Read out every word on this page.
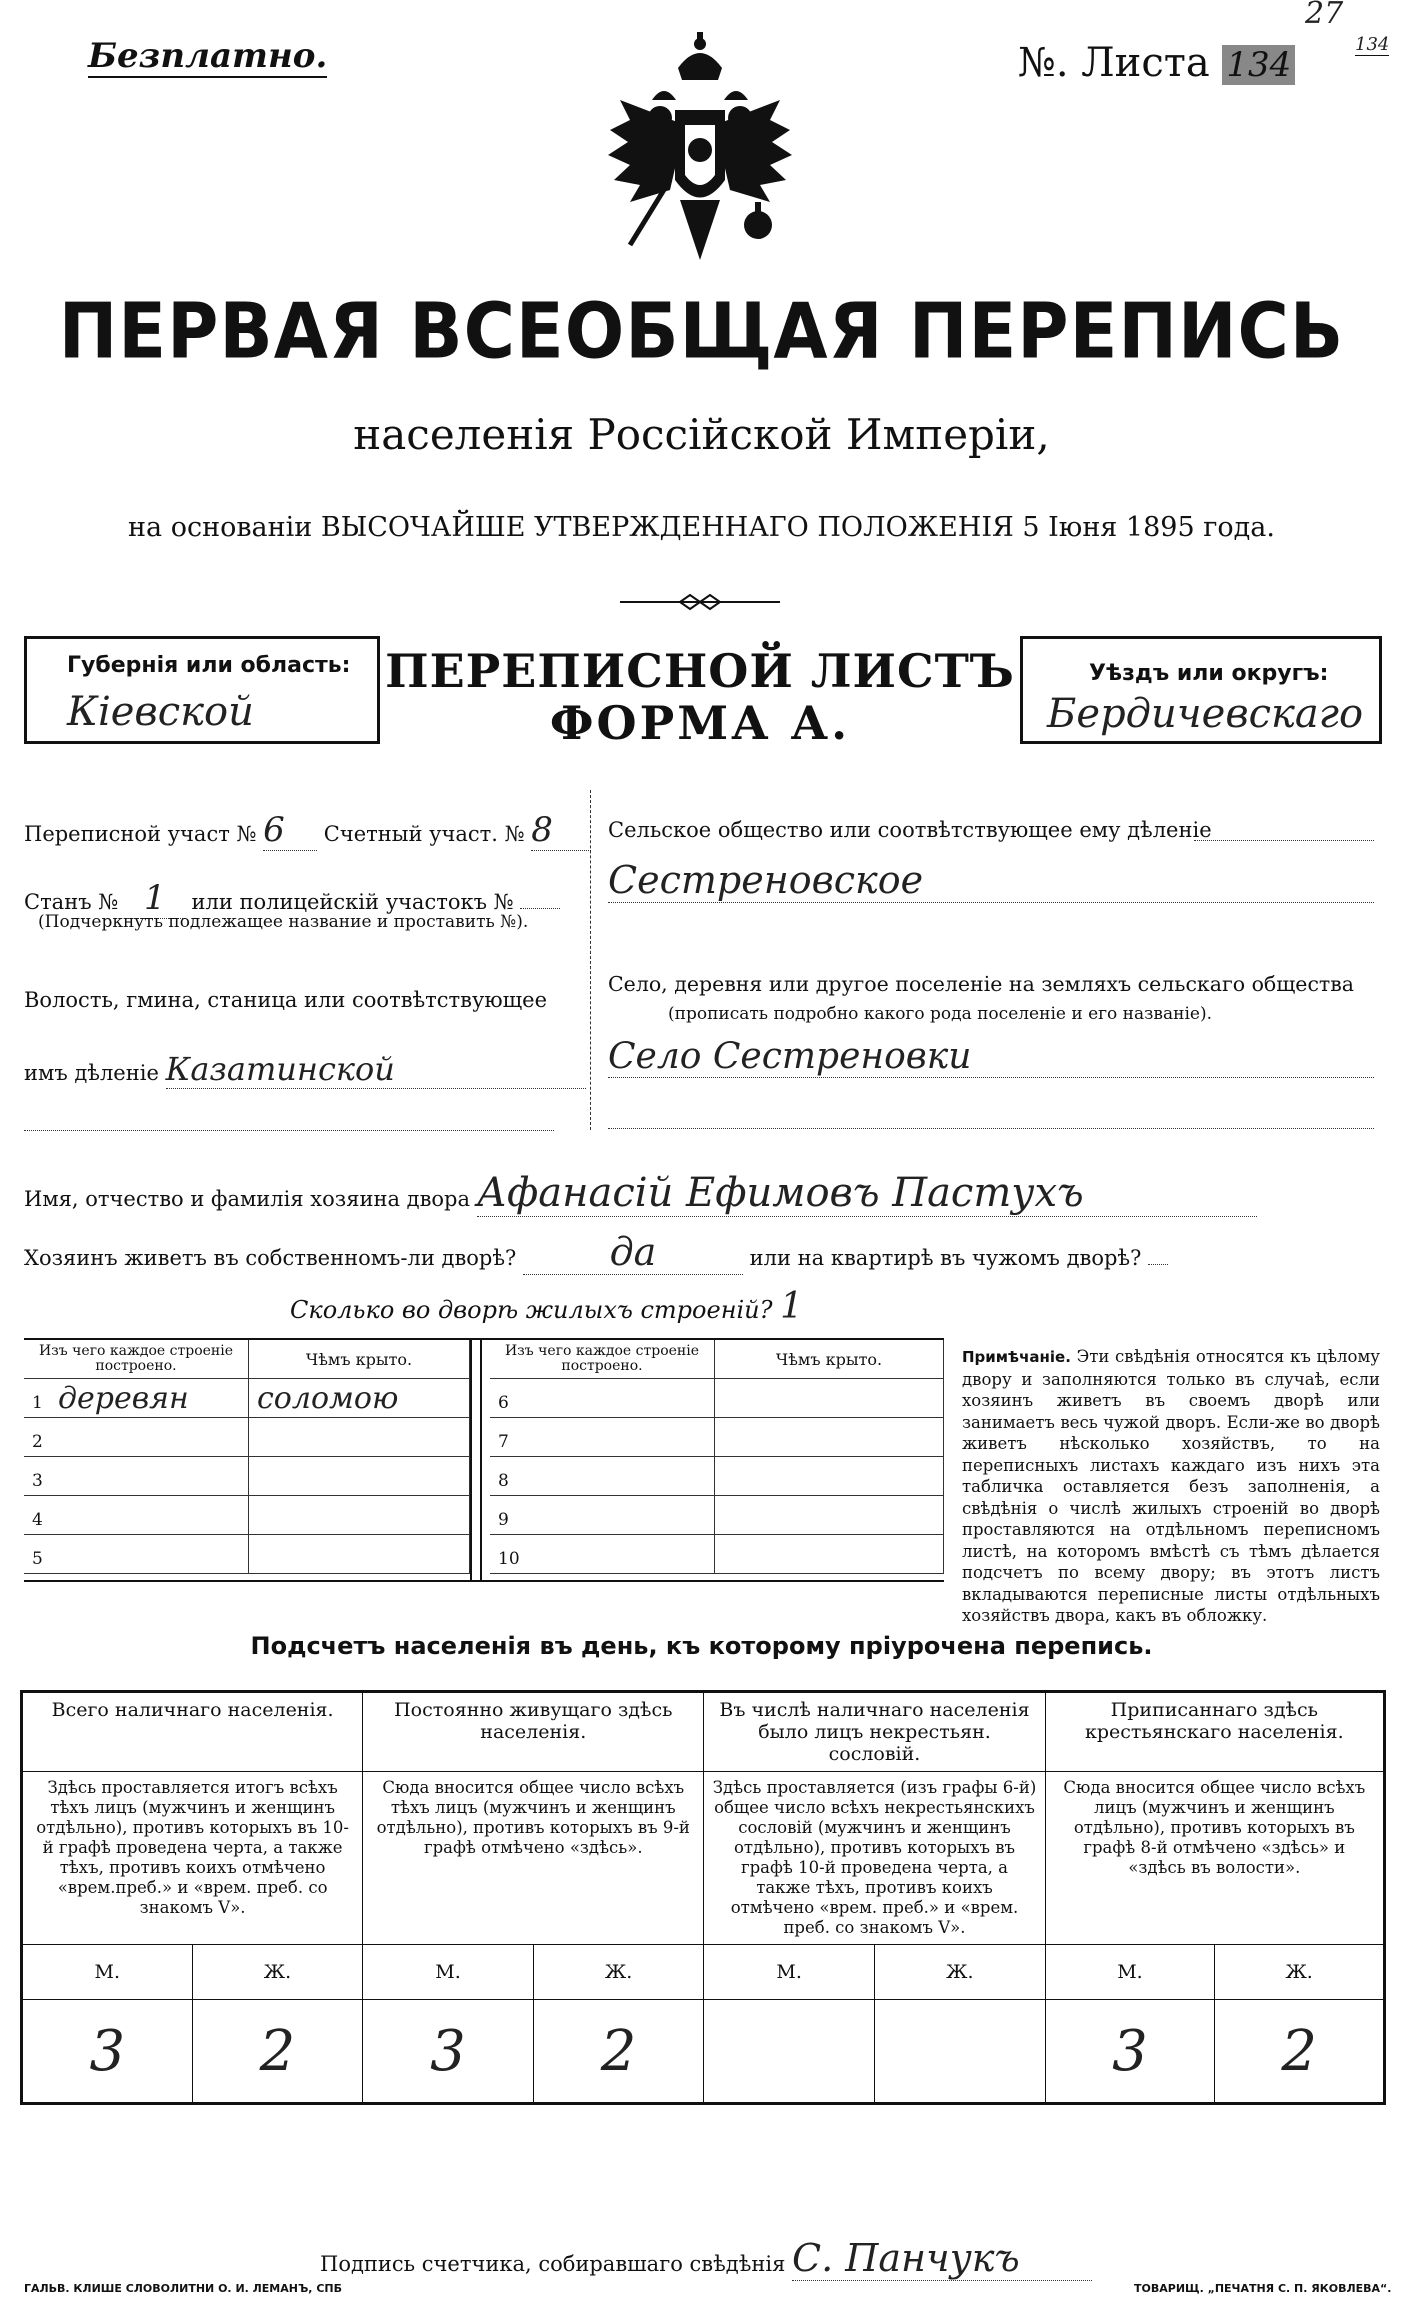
Безплатно.	№. Листа 134
27
134
ПЕРВАЯ ВСЕОБЩАЯ ПЕРЕПИСЬ
населенія Россійской Имперіи,
на основаніи ВЫСОЧАЙШЕ УТВЕРЖДЕННАГО ПОЛОЖЕНІЯ 5 Іюня 1895 года.
Губернія или область:
Кіевской
ПЕРЕПИСНОЙ ЛИСТЪ
ФОРМА А.
Уѣздъ или округъ:
Бердичевскаго
Переписной участ № 6 Счетный участ. № 8
Станъ № 1 или полицейскій участокъ №
(Подчеркнуть подлежащее название и проставить №).
Волость, гмина, станица или соотвѣтствующее
имъ дѣленіе Казатинской
Сельское общество или соотвѣтствующее ему дѣленіе
Сестреновское
Село, деревня или другое поселеніе на земляхъ сельскаго общества
(прописать подробно какого рода поселеніе и его названіе).
Село Сестреновки
Имя, отчество и фамилія хозяина двора Афанасій Ефимовъ Пастухъ
Хозяинъ живетъ въ собственномъ-ли дворѣ? да	или на квартирѣ въ чужомъ дворѣ?
Сколько во дворѣ жилыхъ строеній? 1
Изъ чего каждое строеніе построено.	Чѣмъ крыто.
1 деревян	соломою
2	
3	
4	
5	
Изъ чего каждое строеніе построено.	Чѣмъ крыто.
6	
7	
8	
9	
10	
Примѣчаніе. Эти свѣдѣнія относятся къ цѣлому двору и заполняются только въ случаѣ, если хозяинъ живетъ въ своемъ дворѣ или занимаетъ весь чужой дворъ. Если-же во дворѣ живетъ нѣсколько хозяйствъ, то на переписныхъ листахъ каждаго изъ нихъ эта табличка оставляется безъ заполненія, а свѣдѣнія о числѣ жилыхъ строеній во дворѣ проставляются на отдѣльномъ переписномъ листѣ, на которомъ вмѣстѣ съ тѣмъ дѣлается подсчетъ по всему двору; въ этотъ листъ вкладываются переписные листы отдѣльныхъ хозяйствъ двора, какъ въ обложку.
Подсчетъ населенія въ день, къ которому пріурочена перепись.
Всего наличнаго населенія.		Постоянно живущаго здѣсь населенія.		Въ числѣ наличнаго населенія было лицъ некрестьян. сословій.		Приписаннаго здѣсь крестьянскаго населенія.	
Здѣсь проставляется итогъ всѣхъ тѣхъ лицъ (мужчинъ и женщинъ отдѣльно), противъ которыхъ въ 10-й графѣ проведена черта, а также тѣхъ, противъ коихъ отмѣчено «врем.преб.» и «врем. преб. со знакомъ V».		Сюда вносится общее число всѣхъ тѣхъ лицъ (мужчинъ и женщинъ отдѣльно), противъ которыхъ въ 9-й графѣ отмѣчено «здѣсь».		Здѣсь проставляется (изъ графы 6-й) общее число всѣхъ некрестьянскихъ сословій (мужчинъ и женщинъ отдѣльно), противъ которыхъ въ графѣ 10-й проведена черта, а также тѣхъ, противъ коихъ отмѣчено «врем. преб.» и «врем. преб. со знакомъ V».		Сюда вносится общее число всѣхъ лицъ (мужчинъ и женщинъ отдѣльно), противъ которыхъ въ графѣ 8-й отмѣчено «здѣсь» и «здѣсь въ волости».	
М.	Ж.	М.	Ж.	М.	Ж.	М.	Ж.
3	2	3	2			3	2
Подпись счетчика, собиравшаго свѣдѣнія С. Панчукъ
ГАЛЬВ. КЛИШЕ СЛОВОЛИТНИ О. И. ЛЕМАНЪ, СПБ	ТОВАРИЩ. „ПЕЧАТНЯ С. П. ЯКОВЛЕВА“.
